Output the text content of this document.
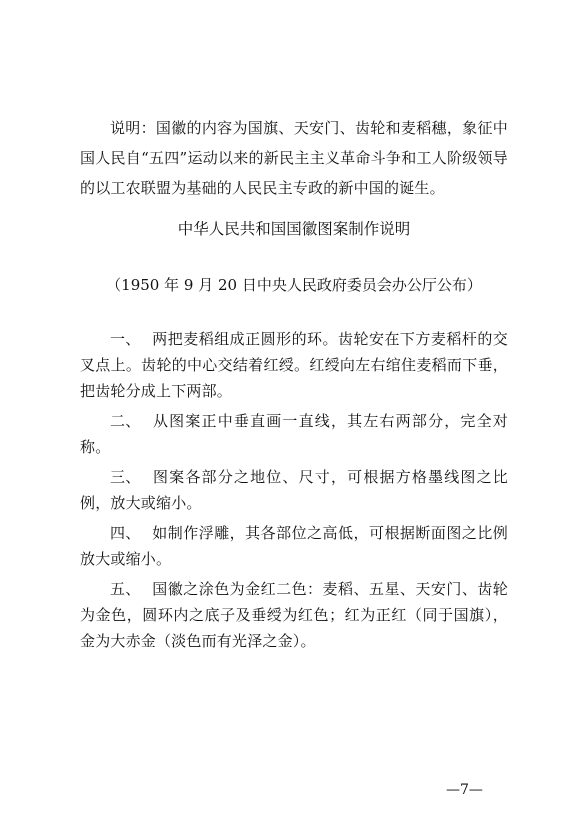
说明：国徽的内容为国旗、天安门、齿轮和麦稻穗，象征中国人民自“五四”运动以来的新民主主义革命斗争和工人阶级领导的以工农联盟为基础的人民民主专政的新中国的诞生。

中华人民共和国国徽图案制作说明
（1950 年 9 月 20 日中央人民政府委员会办公厅公布）

一、 两把麦稻组成正圆形的环。齿轮安在下方麦稻杆的交叉点上。齿轮的中心交结着红绶。红绶向左右绾住麦稻而下垂，把齿轮分成上下两部。

二、 从图案正中垂直画一直线，其左右两部分，完全对称。

三、 图案各部分之地位、尺寸，可根据方格墨线图之比例，放大或缩小。

四、 如制作浮雕，其各部位之高低，可根据断面图之比例放大或缩小。

五、 国徽之涂色为金红二色：麦稻、五星、天安门、齿轮为金色，圆环内之底子及垂绶为红色；红为正红（同于国旗），金为大赤金（淡色而有光泽之金）。

—7—
